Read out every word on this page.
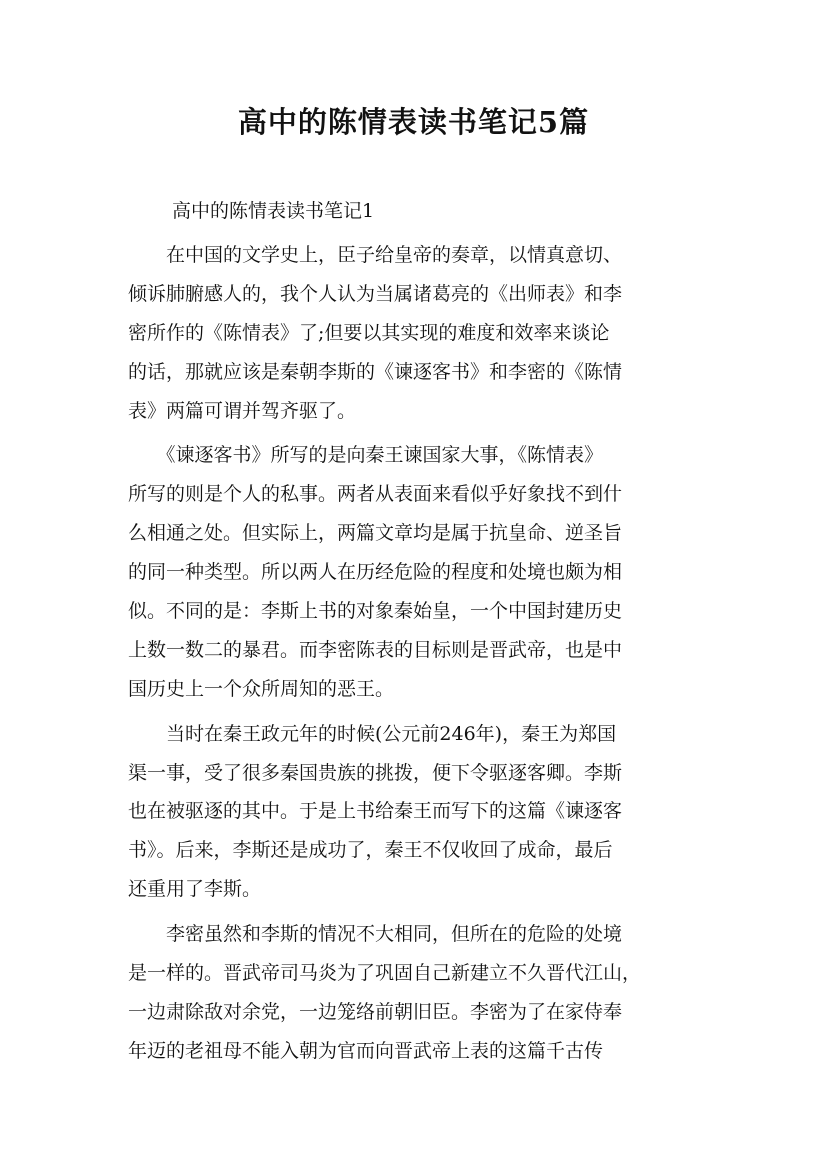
高中的陈情表读书笔记5篇
高中的陈情表读书笔记1
　　在中国的文学史上，臣子给皇帝的奏章，以情真意切、
倾诉肺腑感人的，我个人认为当属诸葛亮的《出师表》和李
密所作的《陈情表》了;但要以其实现的难度和效率来谈论
的话，那就应该是秦朝李斯的《谏逐客书》和李密的《陈情
表》两篇可谓并驾齐驱了。
　　《谏逐客书》所写的是向秦王谏国家大事，《陈情表》
所写的则是个人的私事。两者从表面来看似乎好象找不到什
么相通之处。但实际上，两篇文章均是属于抗皇命、逆圣旨
的同一种类型。所以两人在历经危险的程度和处境也颇为相
似。不同的是：李斯上书的对象秦始皇，一个中国封建历史
上数一数二的暴君。而李密陈表的目标则是晋武帝，也是中
国历史上一个众所周知的恶王。
　　当时在秦王政元年的时候(公元前246年)，秦王为郑国
渠一事，受了很多秦国贵族的挑拨，便下令驱逐客卿。李斯
也在被驱逐的其中。于是上书给秦王而写下的这篇《谏逐客
书》。后来，李斯还是成功了，秦王不仅收回了成命，最后
还重用了李斯。
　　李密虽然和李斯的情况不大相同，但所在的危险的处境
是一样的。晋武帝司马炎为了巩固自己新建立不久晋代江山，
一边肃除敌对余党，一边笼络前朝旧臣。李密为了在家侍奉
年迈的老祖母不能入朝为官而向晋武帝上表的这篇千古传
